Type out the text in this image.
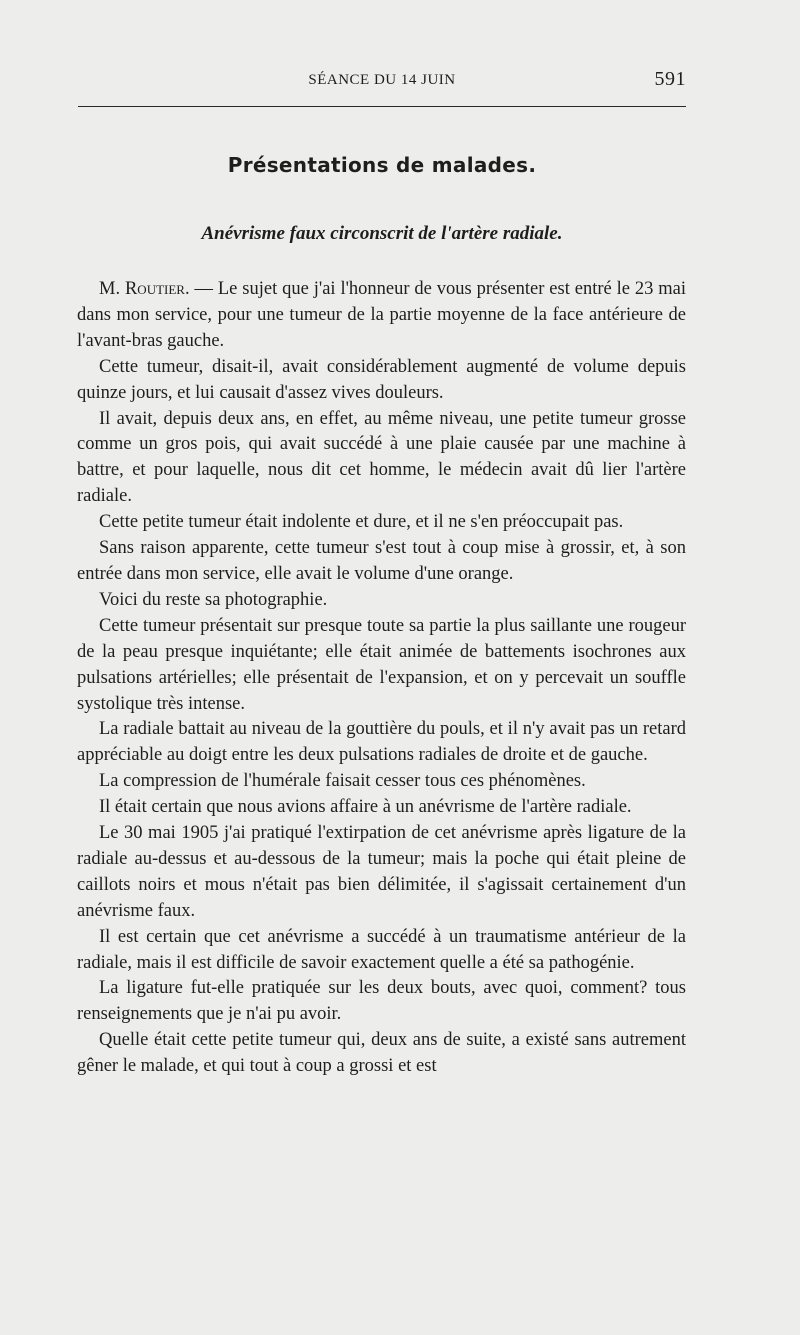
SÉANCE DU 14 JUIN	591
Présentations de malades.
Anévrisme faux circonscrit de l'artère radiale.

M. Routier. — Le sujet que j'ai l'honneur de vous présenter est entré le 23 mai dans mon service, pour une tumeur de la partie moyenne de la face antérieure de l'avant-bras gauche.

Cette tumeur, disait-il, avait considérablement augmenté de volume depuis quinze jours, et lui causait d'assez vives douleurs.

Il avait, depuis deux ans, en effet, au même niveau, une petite tumeur grosse comme un gros pois, qui avait succédé à une plaie causée par une machine à battre, et pour laquelle, nous dit cet homme, le médecin avait dû lier l'artère radiale.

Cette petite tumeur était indolente et dure, et il ne s'en préoccupait pas.

Sans raison apparente, cette tumeur s'est tout à coup mise à grossir, et, à son entrée dans mon service, elle avait le volume d'une orange.

Voici du reste sa photographie.

Cette tumeur présentait sur presque toute sa partie la plus saillante une rougeur de la peau presque inquiétante; elle était animée de battements isochrones aux pulsations artérielles; elle présentait de l'expansion, et on y percevait un souffle systolique très intense.

La radiale battait au niveau de la gouttière du pouls, et il n'y avait pas un retard appréciable au doigt entre les deux pulsations radiales de droite et de gauche.

La compression de l'humérale faisait cesser tous ces phénomènes.

Il était certain que nous avions affaire à un anévrisme de l'artère radiale.

Le 30 mai 1905 j'ai pratiqué l'extirpation de cet anévrisme après ligature de la radiale au-dessus et au-dessous de la tumeur; mais la poche qui était pleine de caillots noirs et mous n'était pas bien délimitée, il s'agissait certainement d'un anévrisme faux.

Il est certain que cet anévrisme a succédé à un traumatisme antérieur de la radiale, mais il est difficile de savoir exactement quelle a été sa pathogénie.

La ligature fut-elle pratiquée sur les deux bouts, avec quoi, comment? tous renseignements que je n'ai pu avoir.

Quelle était cette petite tumeur qui, deux ans de suite, a existé sans autrement gêner le malade, et qui tout à coup a grossi et est
